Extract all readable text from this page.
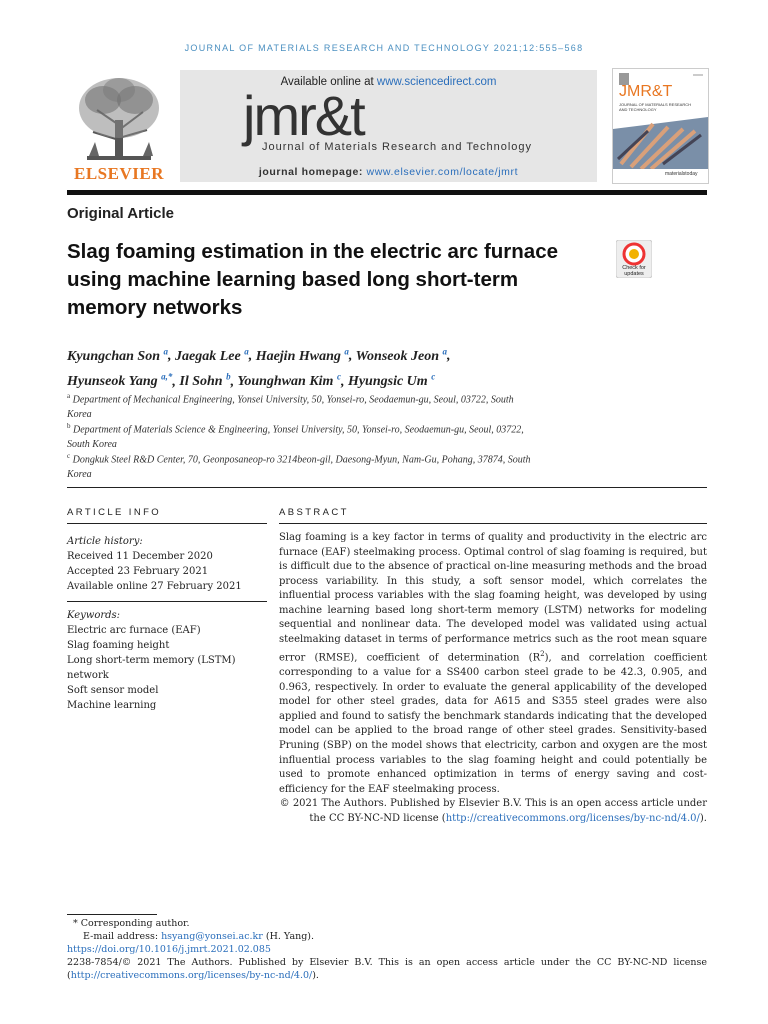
JOURNAL OF MATERIALS RESEARCH AND TECHNOLOGY 2021;12:555–568
ELSEVIER
Available online at www.sciencedirect.com
jmr&t
Journal of Materials Research and Technology
journal homepage: www.elsevier.com/locate/jmrt
JMR&T
JOURNAL OF MATERIALS RESEARCH AND TECHNOLOGY
materialstoday
Original Article
Slag foaming estimation in the electric arc furnace
using machine learning based long short-term
memory networks
Check for updates
Kyungchan Son $^a$, Jaegak Lee $^a$, Haejin Hwang $^a$, Wonseok Jeon $^a$,
Hyunseok Yang $^{a,*}$, Il Sohn $^b$, Younghwan Kim $^c$, Hyungsic Um $^c$
$^a$ Department of Mechanical Engineering, Yonsei University, 50, Yonsei-ro, Seodaemun-gu, Seoul, 03722, South
Korea
$^b$ Department of Materials Science & Engineering, Yonsei University, 50, Yonsei-ro, Seodaemun-gu, Seoul, 03722,
South Korea
$^c$ Dongkuk Steel R&D Center, 70, Geonposaneop-ro 3214beon-gil, Daesong-Myun, Nam-Gu, Pohang, 37874, South
Korea
ARTICLE INFO	ABSTRACT
Article history:
Received 11 December 2020
Accepted 23 February 2021
Available online 27 February 2021
Keywords:
Electric arc furnace (EAF)
Slag foaming height
Long short-term memory (LSTM)
network
Soft sensor model
Machine learning

Slag foaming is a key factor in terms of quality and productivity in the electric arc furnace (EAF) steelmaking process. Optimal control of slag foaming is required, but is difficult due to the absence of practical on-line measuring methods and the broad process variability. In this study, a soft sensor model, which correlates the influential process variables with the slag foaming height, was developed by using machine learning based long short-term memory (LSTM) networks for modeling sequential and nonlinear data. The developed model was validated using actual steelmaking dataset in terms of performance metrics such as the root mean square error (RMSE), coefficient of determination $(R^2)$, and correlation coefficient corresponding to a value for a SS400 carbon steel grade to be 42.3, 0.905, and 0.963, respectively. In order to evaluate the general applicability of the developed model for other steel grades, data for A615 and S355 steel grades were also applied and found to satisfy the benchmark standards indicating that the developed model can be applied to the broad range of other steel grades. Sensitivity-based Pruning (SBP) on the model shows that electricity, carbon and oxygen are the most influential process variables to the slag foaming height and could potentially be used to promote enhanced optimization in terms of energy saving and cost-efficiency for the EAF steelmaking process.

© 2021 The Authors. Published by Elsevier B.V. This is an open access article under the CC BY-NC-ND license (http://creativecommons.org/licenses/by-nc-nd/4.0/).

* Corresponding author.
E-mail address: hsyang@yonsei.ac.kr (H. Yang).
https://doi.org/10.1016/j.jmrt.2021.02.085
2238-7854/© 2021 The Authors. Published by Elsevier B.V. This is an open access article under the CC BY-NC-ND license (http://creativecommons.org/licenses/by-nc-nd/4.0/).
